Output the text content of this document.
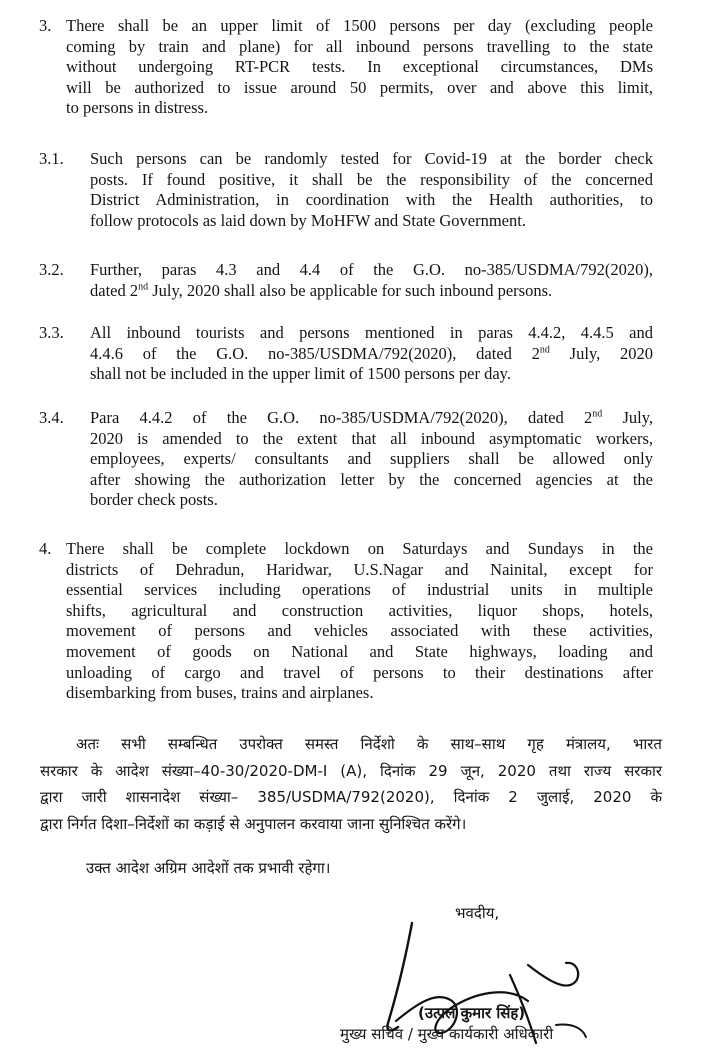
3. There shall be an upper limit of 1500 persons per day (excluding people
coming by train and plane) for all inbound persons travelling to the state
without undergoing RT-PCR tests. In exceptional circumstances, DMs
will be authorized to issue around 50 permits, over and above this limit,
to persons in distress.
3.1. Such persons can be randomly tested for Covid-19 at the border check
posts. If found positive, it shall be the responsibility of the concerned
District Administration, in coordination with the Health authorities, to
follow protocols as laid down by MoHFW and State Government.
3.2. Further, paras 4.3 and 4.4 of the G.O. no-385/USDMA/792(2020),
dated 2nd July, 2020 shall also be applicable for such inbound persons.
3.3. All inbound tourists and persons mentioned in paras 4.4.2, 4.4.5 and
4.4.6 of the G.O. no-385/USDMA/792(2020), dated 2nd July, 2020
shall not be included in the upper limit of 1500 persons per day.
3.4. Para 4.4.2 of the G.O. no-385/USDMA/792(2020), dated 2nd July,
2020 is amended to the extent that all inbound asymptomatic workers,
employees, experts/ consultants and suppliers shall be allowed only
after showing the authorization letter by the concerned agencies at the
border check posts.
4. There shall be complete lockdown on Saturdays and Sundays in the
districts of Dehradun, Haridwar, U.S.Nagar and Nainital, except for
essential services including operations of industrial units in multiple
shifts, agricultural and construction activities, liquor shops, hotels,
movement of persons and vehicles associated with these activities,
movement of goods on National and State highways, loading and
unloading of cargo and travel of persons to their destinations after
disembarking from buses, trains and airplanes.
अतः सभी सम्बन्धित उपरोक्त समस्त निर्देशो के साथ–साथ गृह मंत्रालय, भारत
सरकार के आदेश संख्या–40-30/2020-DM-I (A), दिनांक 29 जून, 2020 तथा राज्य सरकार
द्वारा जारी शासनादेश संख्या– 385/USDMA/792(2020), दिनांक 2 जुलाई, 2020 के
द्वारा निर्गत दिशा–निर्देशों का कड़ाई से अनुपालन करवाया जाना सुनिश्चित करेंगे।
उक्त आदेश अग्रिम आदेशों तक प्रभावी रहेगा।
भवदीय,
(उत्पल कुमार सिंह)
मुख्य सचिव / मुख्य कार्यकारी अधिकारी
